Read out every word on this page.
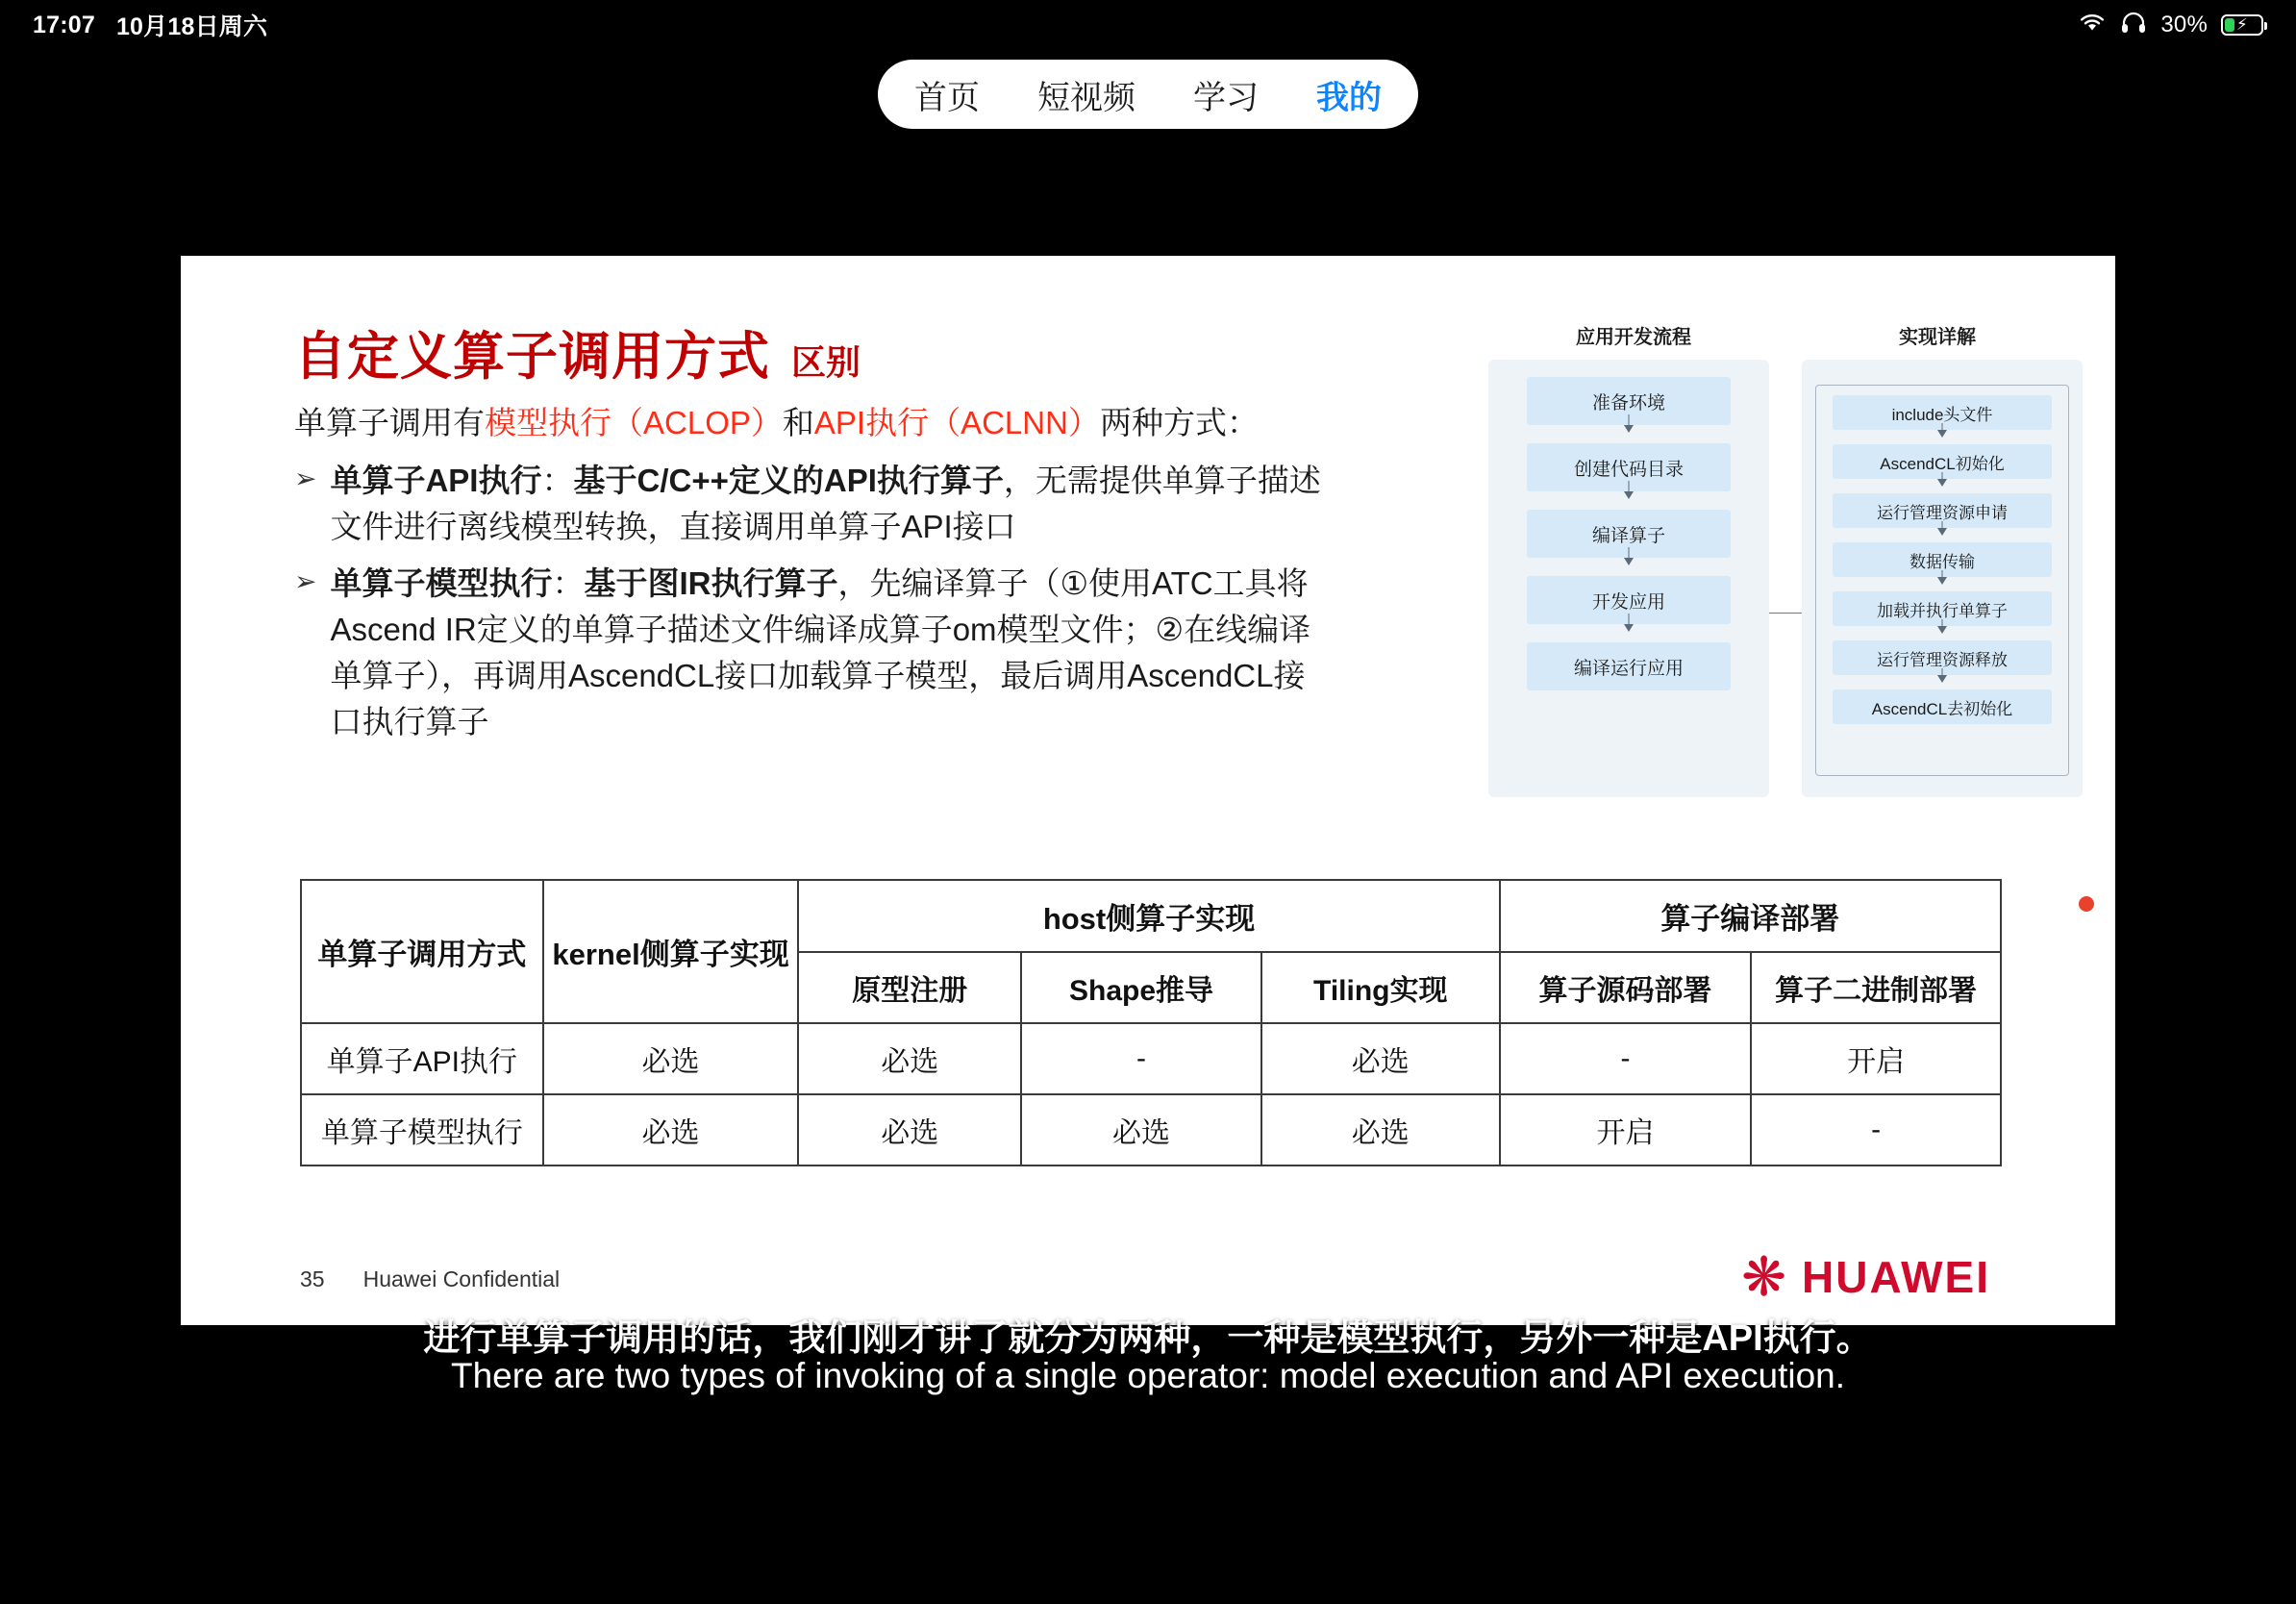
17:07 10月18日周六	30% ⚡
首页	短视频	学习	我的
自定义算子调用方式 区别
单算子调用有模型执行（ACLOP）和API执行（ACLNN）两种方式：
➢ 单算子API执行：基于C/C++定义的API执行算子，无需提供单算子描述文件进行离线模型转换，直接调用单算子API接口
➢ 单算子模型执行：基于图IR执行算子，先编译算子（①使用ATC工具将Ascend IR定义的单算子描述文件编译成算子om模型文件；②在线编译单算子），再调用AscendCL接口加载算子模型，最后调用AscendCL接口执行算子
应用开发流程	实现详解
准备环境
创建代码目录
编译算子
开发应用
编译运行应用
include头文件
AscendCL初始化
运行管理资源申请
数据传输
加载并执行单算子
运行管理资源释放
AscendCL去初始化
单算子调用方式	kernel侧算子实现	host侧算子实现			算子编译部署	
		原型注册	Shape推导	Tiling实现	算子源码部署	算子二进制部署
单算子API执行	必选	必选	-	必选	-	开启
单算子模型执行	必选	必选	必选	必选	开启	-
35 Huawei Confidential	❋ HUAWEI
进行单算子调用的话，我们刚才讲了就分为两种，一种是模型执行，另外一种是API执行。
There are two types of invoking of a single operator: model execution and API execution.
